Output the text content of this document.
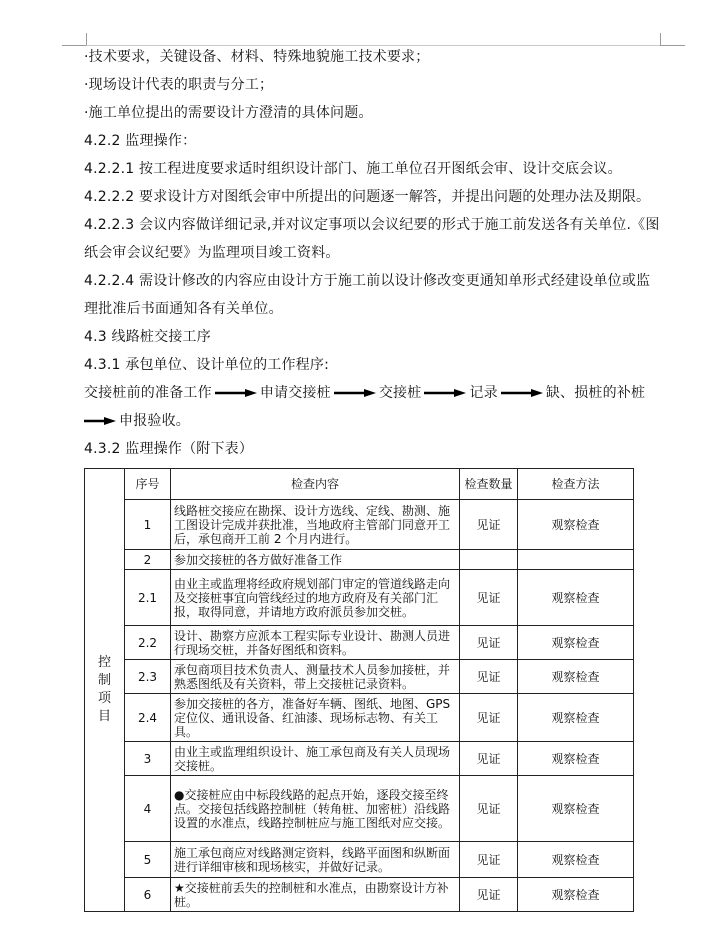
·技术要求，关键设备、材料、特殊地貌施工技术要求；
·现场设计代表的职责与分工；
·施工单位提出的需要设计方澄清的具体问题。
4.2.2 监理操作：
4.2.2.1 按工程进度要求适时组织设计部门、施工单位召开图纸会审、设计交底会议。
4.2.2.2 要求设计方对图纸会审中所提出的问题逐一解答，并提出问题的处理办法及期限。
4.2.2.3 会议内容做详细记录,并对议定事项以会议纪要的形式于施工前发送各有关单位.《图
纸会审会议纪要》为监理项目竣工资料。
4.2.2.4 需设计修改的内容应由设计方于施工前以设计修改变更通知单形式经建设单位或监
理批准后书面通知各有关单位。
4.3 线路桩交接工序
4.3.1 承包单位、设计单位的工作程序:
交接桩前的准备工作	申请交接桩	交接桩	记录	缺、损桩的补桩
申报验收。
4.3.2 监理操作（附下表）
控
制
项
目	序号	检查内容	检查数量	检查方法
	1	线路桩交接应在勘探、设计方选线、定线、勘测、施工图设计完成并获批准，当地政府主管部门同意开工后，承包商开工前 2 个月内进行。	见证	观察检查
	2	参加交接桩的各方做好准备工作		
	2.1	由业主或监理将经政府规划部门审定的管道线路走向及交接桩事宜向管线经过的地方政府及有关部门汇报，取得同意，并请地方政府派员参加交桩。	见证	观察检查
	2.2	设计、勘察方应派本工程实际专业设计、勘测人员进行现场交桩，并备好图纸和资料。	见证	观察检查
	2.3	承包商项目技术负责人、测量技术人员参加接桩，并熟悉图纸及有关资料，带上交接桩记录资料。	见证	观察检查
	2.4	参加交接桩的各方，准备好车辆、图纸、地图、GPS定位仪、通讯设备、红油漆、现场标志物、有关工具。	见证	观察检查
	3	由业主或监理组织设计、施工承包商及有关人员现场交接桩。	见证	观察检查
	4	●交接桩应由中标段线路的起点开始，逐段交接至终点。交接包括线路控制桩（转角桩、加密桩）沿线路设置的水准点，线路控制桩应与施工图纸对应交接。	见证	观察检查
	5	施工承包商应对线路测定资料，线路平面图和纵断面进行详细审核和现场核实，并做好记录。	见证	观察检查
	6	★交接桩前丢失的控制桩和水准点，由勘察设计方补桩。	见证	观察检查
